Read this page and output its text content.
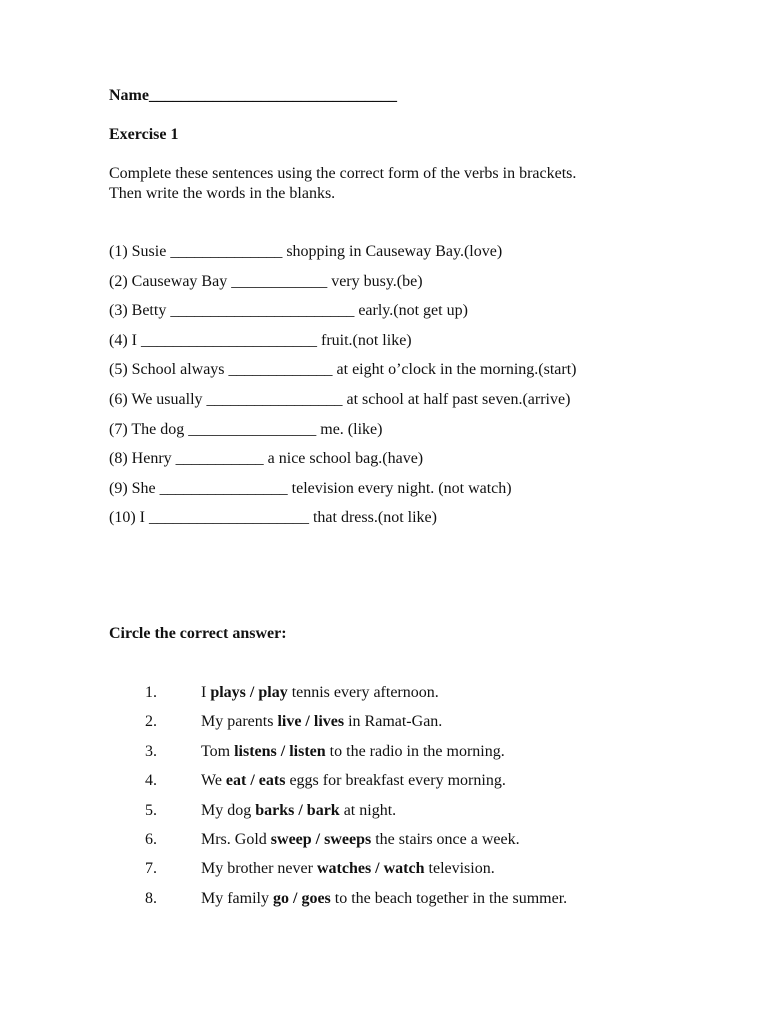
Name_______________________________
Exercise 1
Complete these sentences using the correct form of the verbs in brackets.
Then write the words in the blanks.
(1) Susie ______________ shopping in Causeway Bay.(love)
(2) Causeway Bay ____________ very busy.(be)
(3) Betty _______________________ early.(not get up)
(4) I ______________________ fruit.(not like)
(5) School always _____________ at eight o’clock in the morning.(start)
(6) We usually _________________ at school at half past seven.(arrive)
(7) The dog ________________ me. (like)
(8) Henry ___________ a nice school bag.(have)
(9) She ________________ television every night. (not watch)
(10) I ____________________ that dress.(not like)
Circle the correct answer:
1.	I plays / play tennis every afternoon.
2.	My parents live / lives in Ramat-Gan.
3.	Tom listens / listen to the radio in the morning.
4.	We eat / eats eggs for breakfast every morning.
5.	My dog barks / bark at night.
6.	Mrs. Gold sweep / sweeps the stairs once a week.
7.	My brother never watches / watch television.
8.	My family go / goes to the beach together in the summer.
